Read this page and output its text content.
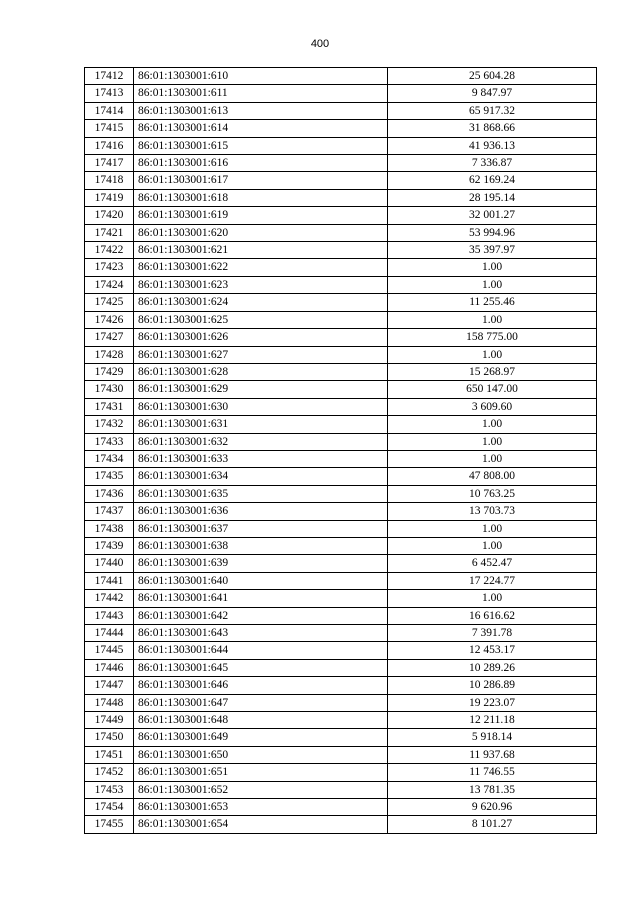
400
17412	86:01:1303001:610	25 604.28
17413	86:01:1303001:611	9 847.97
17414	86:01:1303001:613	65 917.32
17415	86:01:1303001:614	31 868.66
17416	86:01:1303001:615	41 936.13
17417	86:01:1303001:616	7 336.87
17418	86:01:1303001:617	62 169.24
17419	86:01:1303001:618	28 195.14
17420	86:01:1303001:619	32 001.27
17421	86:01:1303001:620	53 994.96
17422	86:01:1303001:621	35 397.97
17423	86:01:1303001:622	1.00
17424	86:01:1303001:623	1.00
17425	86:01:1303001:624	11 255.46
17426	86:01:1303001:625	1.00
17427	86:01:1303001:626	158 775.00
17428	86:01:1303001:627	1.00
17429	86:01:1303001:628	15 268.97
17430	86:01:1303001:629	650 147.00
17431	86:01:1303001:630	3 609.60
17432	86:01:1303001:631	1.00
17433	86:01:1303001:632	1.00
17434	86:01:1303001:633	1.00
17435	86:01:1303001:634	47 808.00
17436	86:01:1303001:635	10 763.25
17437	86:01:1303001:636	13 703.73
17438	86:01:1303001:637	1.00
17439	86:01:1303001:638	1.00
17440	86:01:1303001:639	6 452.47
17441	86:01:1303001:640	17 224.77
17442	86:01:1303001:641	1.00
17443	86:01:1303001:642	16 616.62
17444	86:01:1303001:643	7 391.78
17445	86:01:1303001:644	12 453.17
17446	86:01:1303001:645	10 289.26
17447	86:01:1303001:646	10 286.89
17448	86:01:1303001:647	19 223.07
17449	86:01:1303001:648	12 211.18
17450	86:01:1303001:649	5 918.14
17451	86:01:1303001:650	11 937.68
17452	86:01:1303001:651	11 746.55
17453	86:01:1303001:652	13 781.35
17454	86:01:1303001:653	9 620.96
17455	86:01:1303001:654	8 101.27
